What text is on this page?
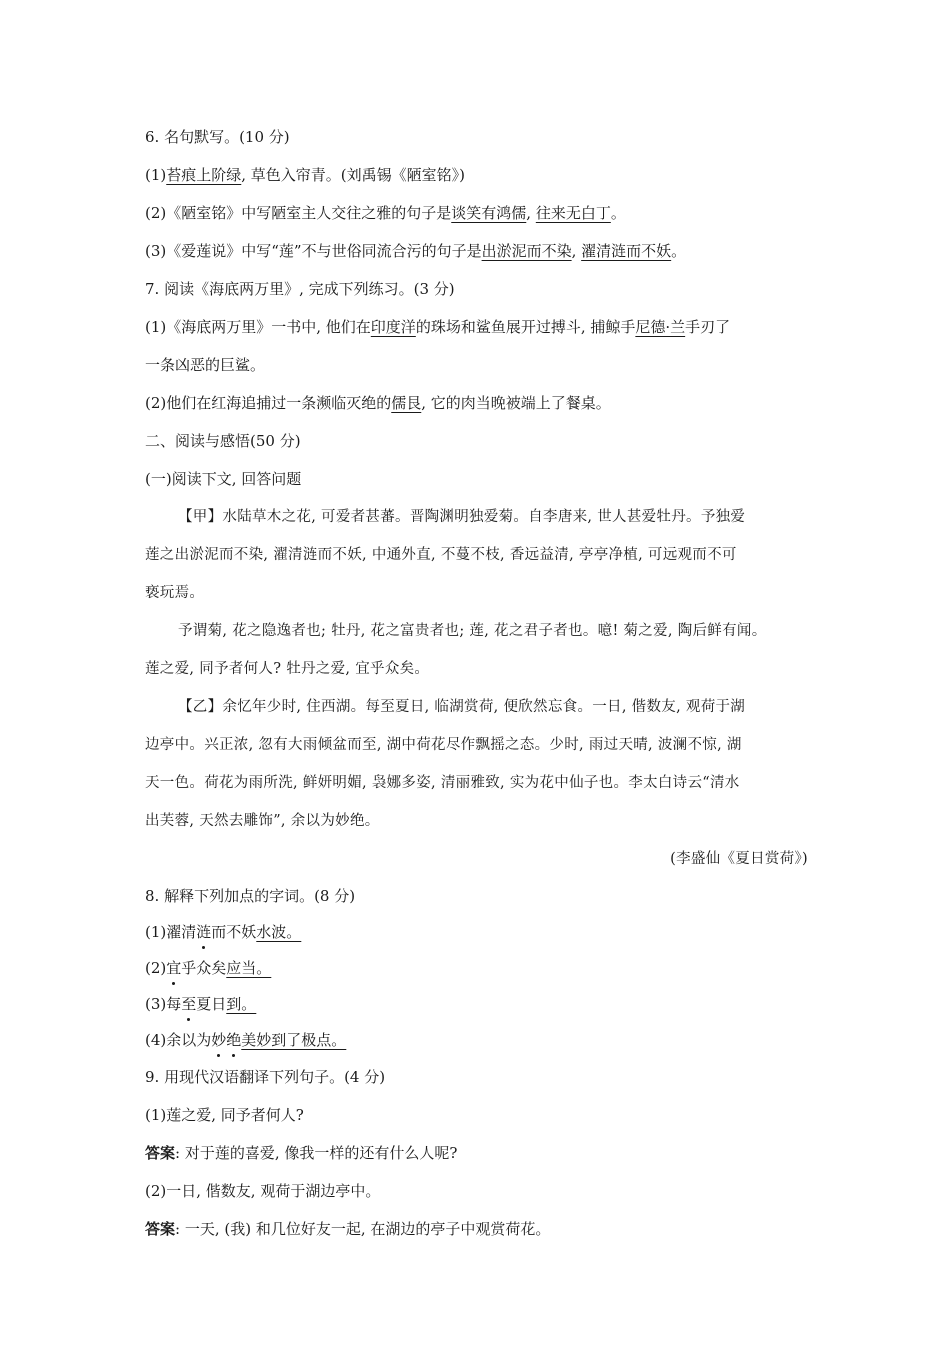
6. 名句默写。(10 分)
(1)苔痕上阶绿, 草色入帘青。(刘禹锡《陋室铭》)
(2)《陋室铭》中写陋室主人交往之雅的句子是谈笑有鸿儒, 往来无白丁。
(3)《爱莲说》中写“莲”不与世俗同流合污的句子是出淤泥而不染, 濯清涟而不妖。
7. 阅读《海底两万里》, 完成下列练习。(3 分)
(1)《海底两万里》一书中, 他们在印度洋的珠场和鲨鱼展开过搏斗, 捕鲸手尼德·兰手刃了
一条凶恶的巨鲨。
(2)他们在红海追捕过一条濒临灭绝的儒艮, 它的肉当晚被端上了餐桌。
二、阅读与感悟(50 分)
(一)阅读下文, 回答问题
【甲】水陆草木之花, 可爱者甚蕃。晋陶渊明独爱菊。自李唐来, 世人甚爱牡丹。予独爱
莲之出淤泥而不染, 濯清涟而不妖, 中通外直, 不蔓不枝, 香远益清, 亭亭净植, 可远观而不可
亵玩焉。
予谓菊, 花之隐逸者也; 牡丹, 花之富贵者也; 莲, 花之君子者也。噫! 菊之爱, 陶后鲜有闻。
莲之爱, 同予者何人? 牡丹之爱, 宜乎众矣。
【乙】余忆年少时, 住西湖。每至夏日, 临湖赏荷, 便欣然忘食。一日, 偕数友, 观荷于湖
边亭中。兴正浓, 忽有大雨倾盆而至, 湖中荷花尽作飘摇之态。少时, 雨过天晴, 波澜不惊, 湖
天一色。荷花为雨所洗, 鲜妍明媚, 袅娜多姿, 清丽雅致, 实为花中仙子也。李太白诗云“清水
出芙蓉, 天然去雕饰”, 余以为妙绝。
(李盛仙《夏日赏荷》)
8. 解释下列加点的字词。(8 分)
(1)濯清涟而不妖水波。
(2)宜乎众矣应当。
(3)每至夏日到。
(4)余以为妙绝美妙到了极点。
9. 用现代汉语翻译下列句子。(4 分)
(1)莲之爱, 同予者何人?
答案: 对于莲的喜爱, 像我一样的还有什么人呢?
(2)一日, 偕数友, 观荷于湖边亭中。
答案: 一天, (我) 和几位好友一起, 在湖边的亭子中观赏荷花。
